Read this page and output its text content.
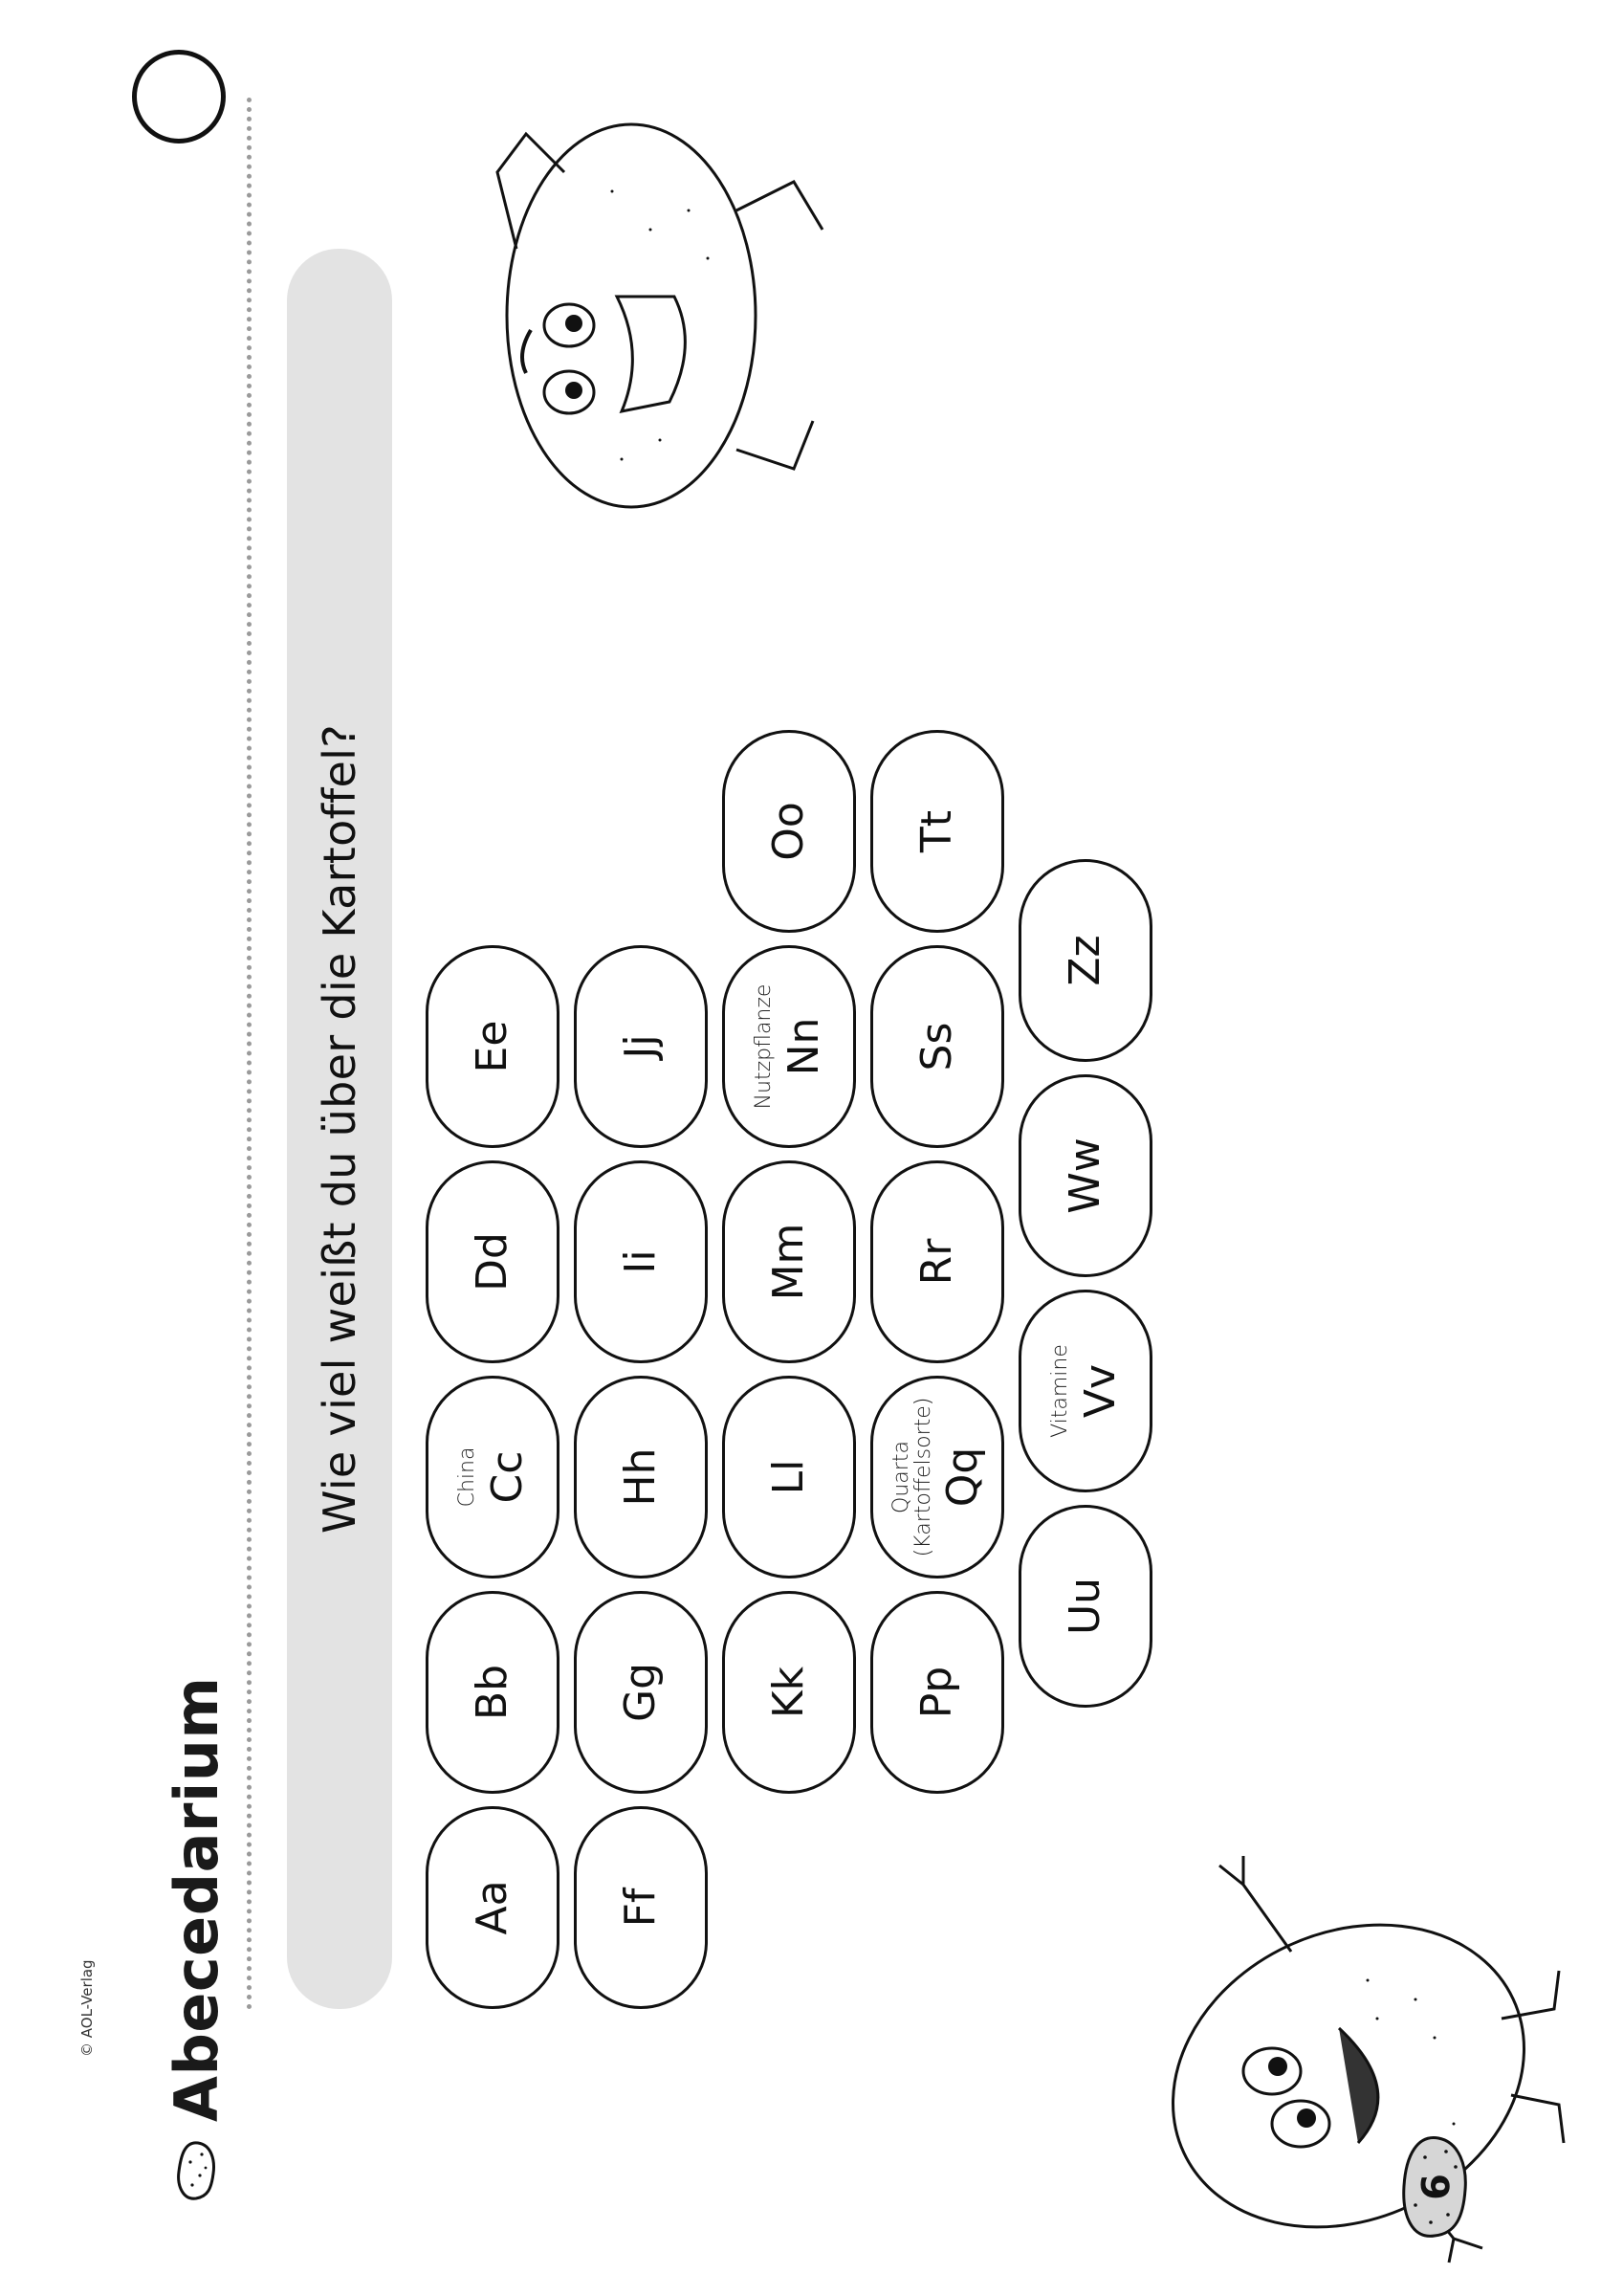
© AOL-Verlag Abecedarium
Wie viel weißt du über die Kartoffel?
Aa
Bb
China Cc
Dd
Ee
Ff
Gg
Hh
Ii
Jj
Kk
Ll
Mm
Nutzpflanze Nn
Oo
Pp
Quarta (Kartoffelsorte) Qq
Rr
Ss
Tt
Uu
Vitamine Vv
Ww
Zz
9
